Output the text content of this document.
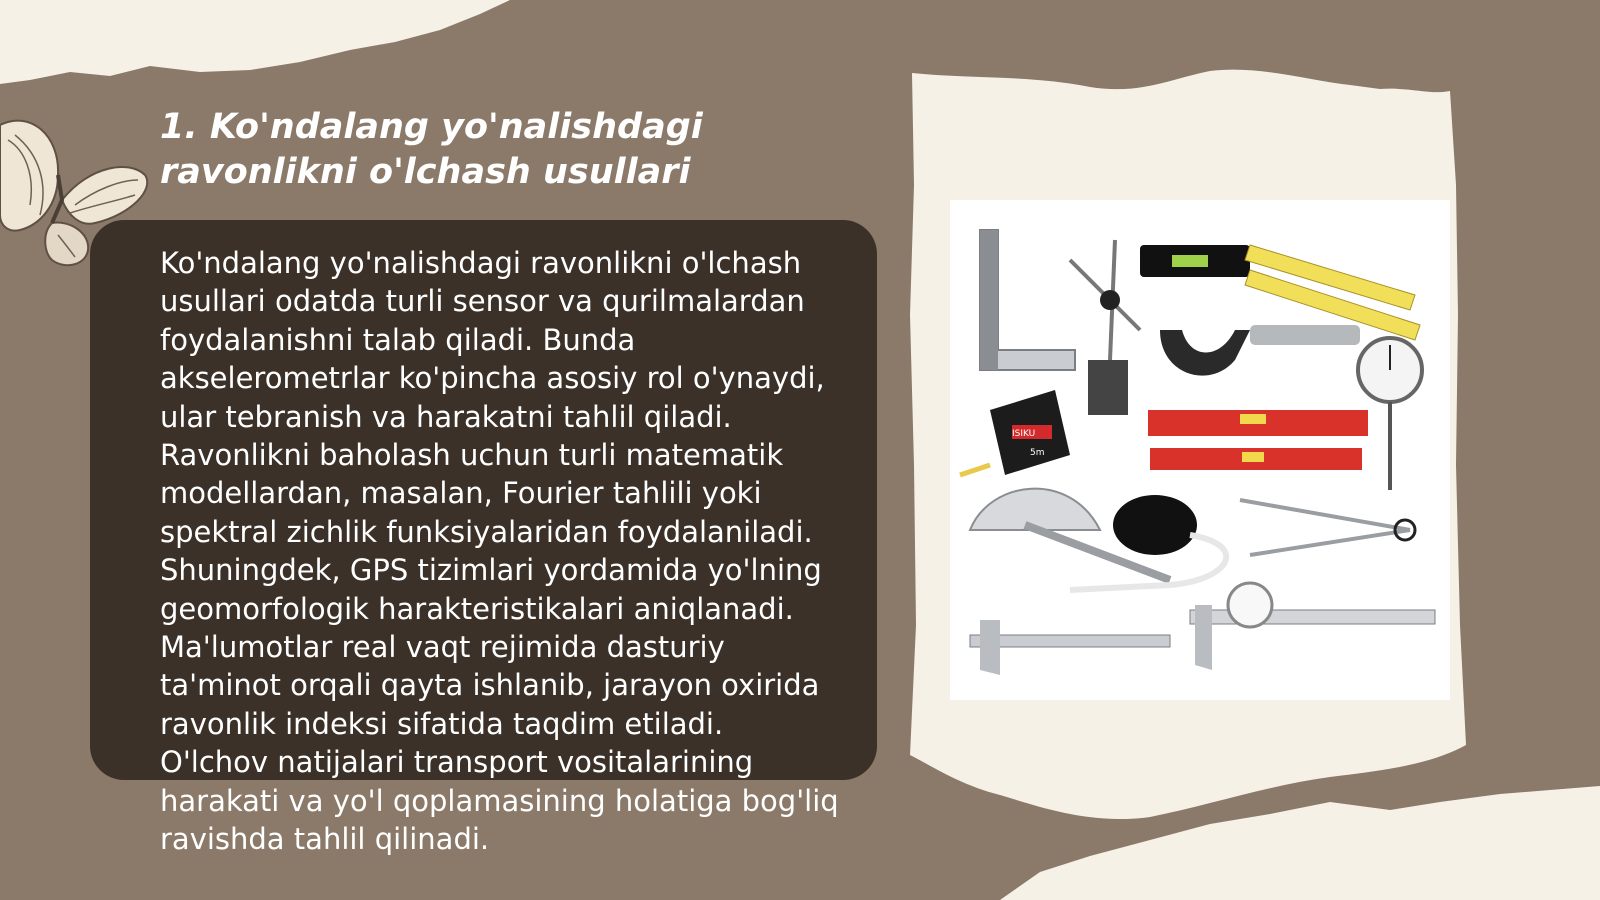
1. Ko'ndalang yo'nalishdagi ravonlikni o'lchash usullari

Ko'ndalang yo'nalishdagi ravonlikni o'lchash usullari odatda turli sensor va qurilmalardan foydalanishni talab qiladi. Bunda akselerometrlar ko'pincha asosiy rol o'ynaydi, ular tebranish va harakatni tahlil qiladi. Ravonlikni baholash uchun turli matematik modellardan, masalan, Fourier tahlili yoki spektral zichlik funksiyalaridan foydalaniladi. Shuningdek, GPS tizimlari yordamida yo'lning geomorfologik harakteristikalari aniqlanadi. Ma'lumotlar real vaqt rejimida dasturiy ta'minot orqali qayta ishlanib, jarayon oxirida ravonlik indeksi sifatida taqdim etiladi. O'lchov natijalari transport vositalarining harakati va yo'l qoplamasining holatiga bog'liq ravishda tahlil qilinadi.

ISIKU
5m
